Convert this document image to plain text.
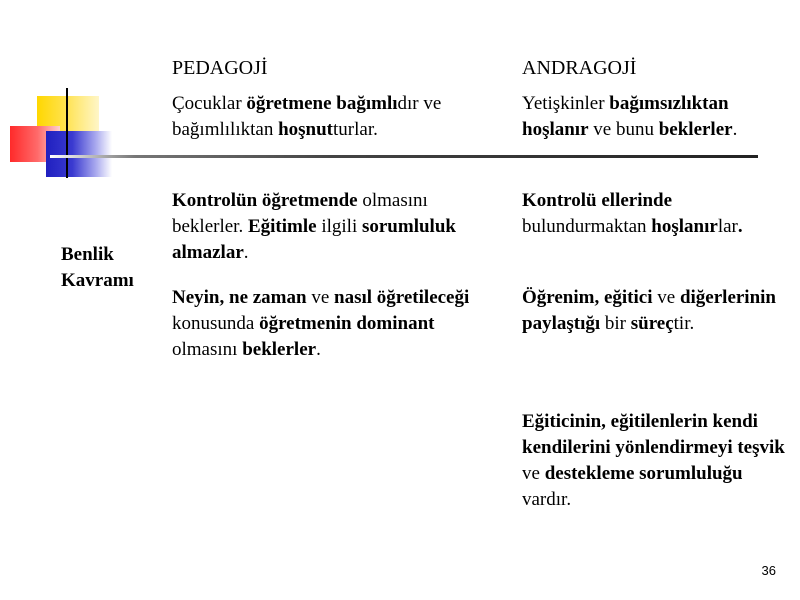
PEDAGOJİ	ANDRAGOJİ
Benlik
Kavramı
Çocuklar öğretmene bağımlıdır ve bağımlılıktan hoşnutturlar.
Kontrolün öğretmende olmasını beklerler. Eğitimle ilgili sorumluluk almazlar.
Neyin, ne zaman ve nasıl öğretileceği konusunda öğretmenin dominant olmasını beklerler.
Yetişkinler bağımsızlıktan hoşlanır ve bunu beklerler.
Kontrolü ellerinde bulundurmaktan hoşlanırlar.
Öğrenim, eğitici ve diğerlerinin paylaştığı bir süreçtir.
Eğiticinin, eğitilenlerin kendi kendilerini yönlendirmeyi teşvik ve destekleme sorumluluğu vardır.
36
